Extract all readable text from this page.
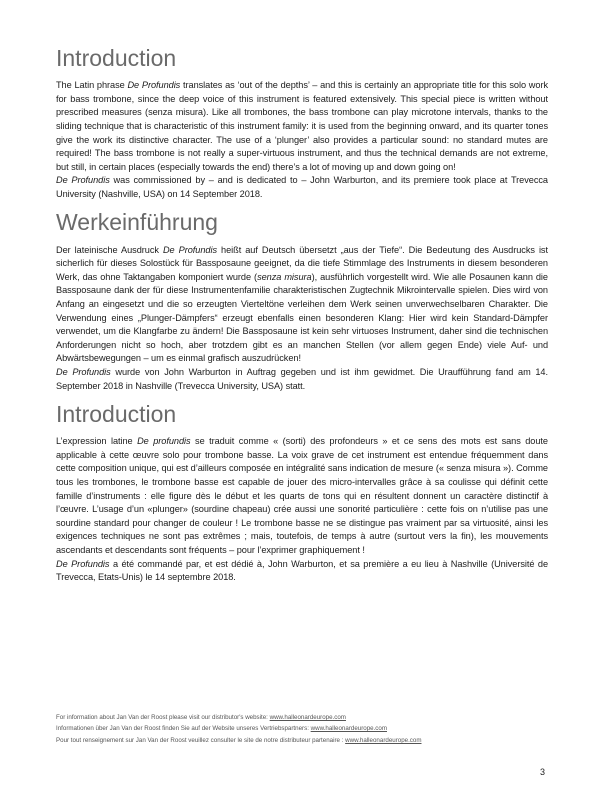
Introduction

The Latin phrase De Profundis translates as ‘out of the depths’ – and this is certainly an appropriate title for this solo work for bass trombone, since the deep voice of this instrument is featured extensively. This special piece is written without prescribed measures (senza misura). Like all trombones, the bass trombone can play microtone intervals, thanks to the sliding technique that is characteristic of this instrument family: it is used from the beginning onward, and its quarter tones give the work its distinctive character. The use of a ‘plunger’ also provides a particular sound: no standard mutes are required! The bass trombone is not really a super-virtuous instrument, and thus the technical demands are not extreme, but still, in certain places (especially towards the end) there’s a lot of moving up and down going on!

De Profundis was commissioned by – and is dedicated to – John Warburton, and its premiere took place at Trevecca University (Nashville, USA) on 14 September 2018.

Werkeinführung

Der lateinische Ausdruck De Profundis heißt auf Deutsch übersetzt „aus der Tiefe“. Die Bedeutung des Ausdrucks ist sicherlich für dieses Solostück für Bassposaune geeignet, da die tiefe Stimmlage des Instruments in diesem besonderen Werk, das ohne Taktangaben komponiert wurde (senza misura), ausführlich vorgestellt wird. Wie alle Posaunen kann die Bassposaune dank der für diese Instrumentenfamilie charakteristischen Zugtechnik Mikrointervalle spielen. Dies wird von Anfang an eingesetzt und die so erzeugten Vierteltöne verleihen dem Werk seinen unverwechselbaren Charakter. Die Verwendung eines „Plunger-Dämpfers“ erzeugt ebenfalls einen besonderen Klang: Hier wird kein Standard-Dämpfer verwendet, um die Klangfarbe zu ändern! Die Bassposaune ist kein sehr virtuoses Instrument, daher sind die technischen Anforderungen nicht so hoch, aber trotzdem gibt es an manchen Stellen (vor allem gegen Ende) viele Auf- und Abwärtsbewegungen – um es einmal grafisch auszudrücken!

De Profundis wurde von John Warburton in Auftrag gegeben und ist ihm gewidmet. Die Uraufführung fand am 14. September 2018 in Nashville (Trevecca University, USA) statt.

Introduction

L’expression latine De profundis se traduit comme « (sorti) des profondeurs » et ce sens des mots est sans doute applicable à cette œuvre solo pour trombone basse. La voix grave de cet instrument est entendue fréquemment dans cette composition unique, qui est d’ailleurs composée en intégralité sans indication de mesure (« senza misura »). Comme tous les trombones, le trombone basse est capable de jouer des micro-intervalles grâce à sa coulisse qui définit cette famille d’instruments : elle figure dès le début et les quarts de tons qui en résultent donnent un caractère distinctif à l’œuvre. L’usage d’un «plunger» (sourdine chapeau) crée aussi une sonorité particulière : cette fois on n’utilise pas une sourdine standard pour changer de couleur ! Le trombone basse ne se distingue pas vraiment par sa virtuosité, ainsi les exigences techniques ne sont pas extrêmes ; mais, toutefois, de temps à autre (surtout vers la fin), les mouvements ascendants et descendants sont fréquents – pour l’exprimer graphiquement !

De Profundis a été commandé par, et est dédié à, John Warburton, et sa première a eu lieu à Nashville (Université de Trevecca, Etats-Unis) le 14 septembre 2018.

For information about Jan Van der Roost please visit our distributor's website: www.halleonardeurope.com
Informationen über Jan Van der Roost finden Sie auf der Website unseres Vertriebspartners: www.halleonardeurope.com
Pour tout renseignement sur Jan Van der Roost veuillez consulter le site de notre distributeur partenaire : www.halleonardeurope.com
3
